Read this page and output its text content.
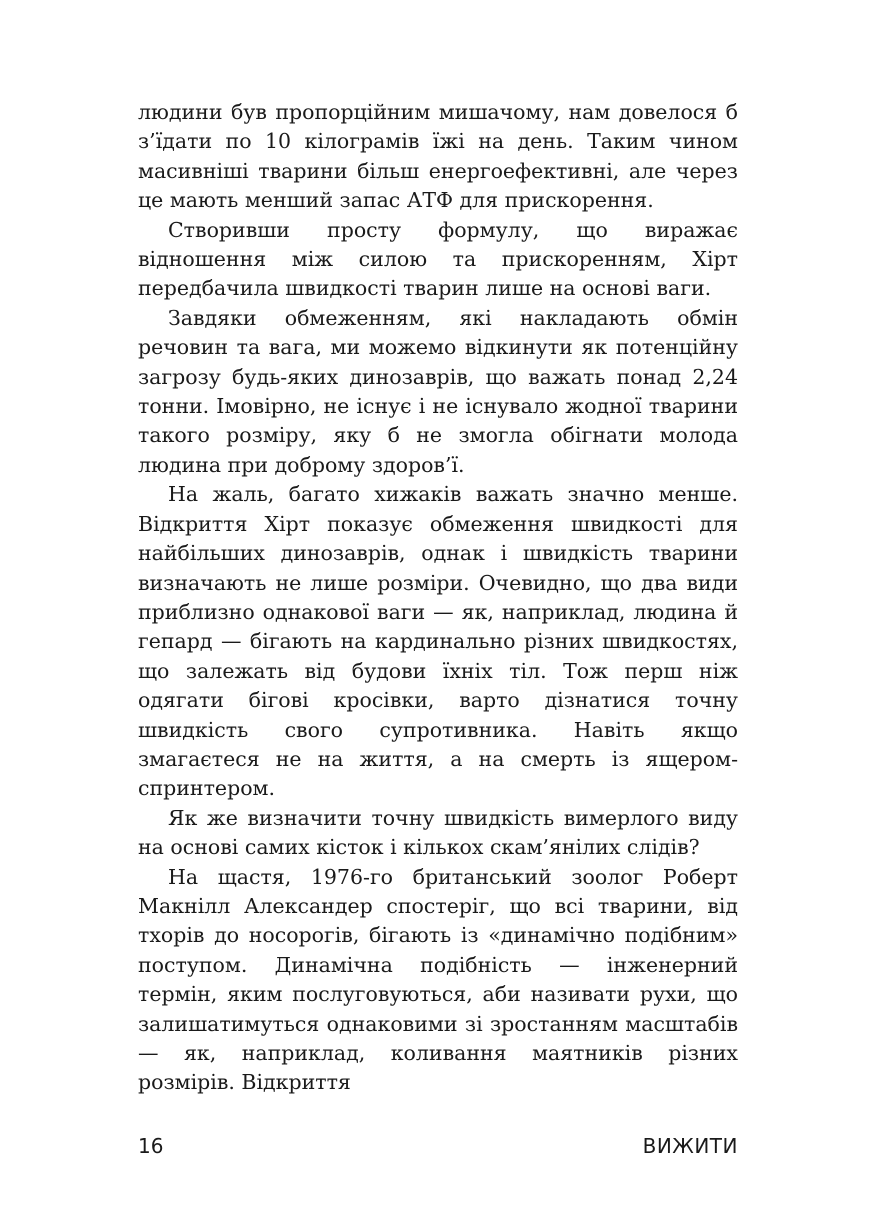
людини був пропорційним мишачому, нам довелося б з’їдати по 10 кілограмів їжі на день. Таким чином масивніші тварини більш енергоефективні, але через це мають менший запас АТФ для прискорення.

Створивши просту формулу, що виражає відношення між силою та прискоренням, Хірт передбачила швидкості тварин лише на основі ваги.

Завдяки обмеженням, які накладають обмін речовин та вага, ми можемо відкинути як потенційну загрозу будь-яких динозаврів, що важать понад 2,24 тонни. Імовірно, не існує і не існувало жодної тварини такого розміру, яку б не змогла обігнати молода людина при доброму здоров’ї.

На жаль, багато хижаків важать значно менше. Відкриття Хірт показує обмеження швидкості для найбільших динозаврів, однак і швидкість тварини визначають не лише розміри. Очевидно, що два види приблизно однакової ваги — як, наприклад, людина й гепард — бігають на кардинально різних швидкостях, що залежать від будови їхніх тіл. Тож перш ніж одягати бігові кросівки, варто дізнатися точну швидкість свого супротивника. Навіть якщо змагаєтеся не на життя, а на смерть із ящером-спринтером.

Як же визначити точну швидкість вимерлого виду на основі самих кісток і кількох скам’янілих слідів?

На щастя, 1976-го британський зоолог Роберт Макнілл Александер спостеріг, що всі тварини, від тхорів до носорогів, бігають із «динамічно подібним» поступом. Динамічна подібність — інженерний термін, яким послуговуються, аби називати рухи, що залишатимуться однаковими зі зростанням масштабів — як, наприклад, коливання маятників різних розмірів. Відкриття

16	ВИЖИТИ
